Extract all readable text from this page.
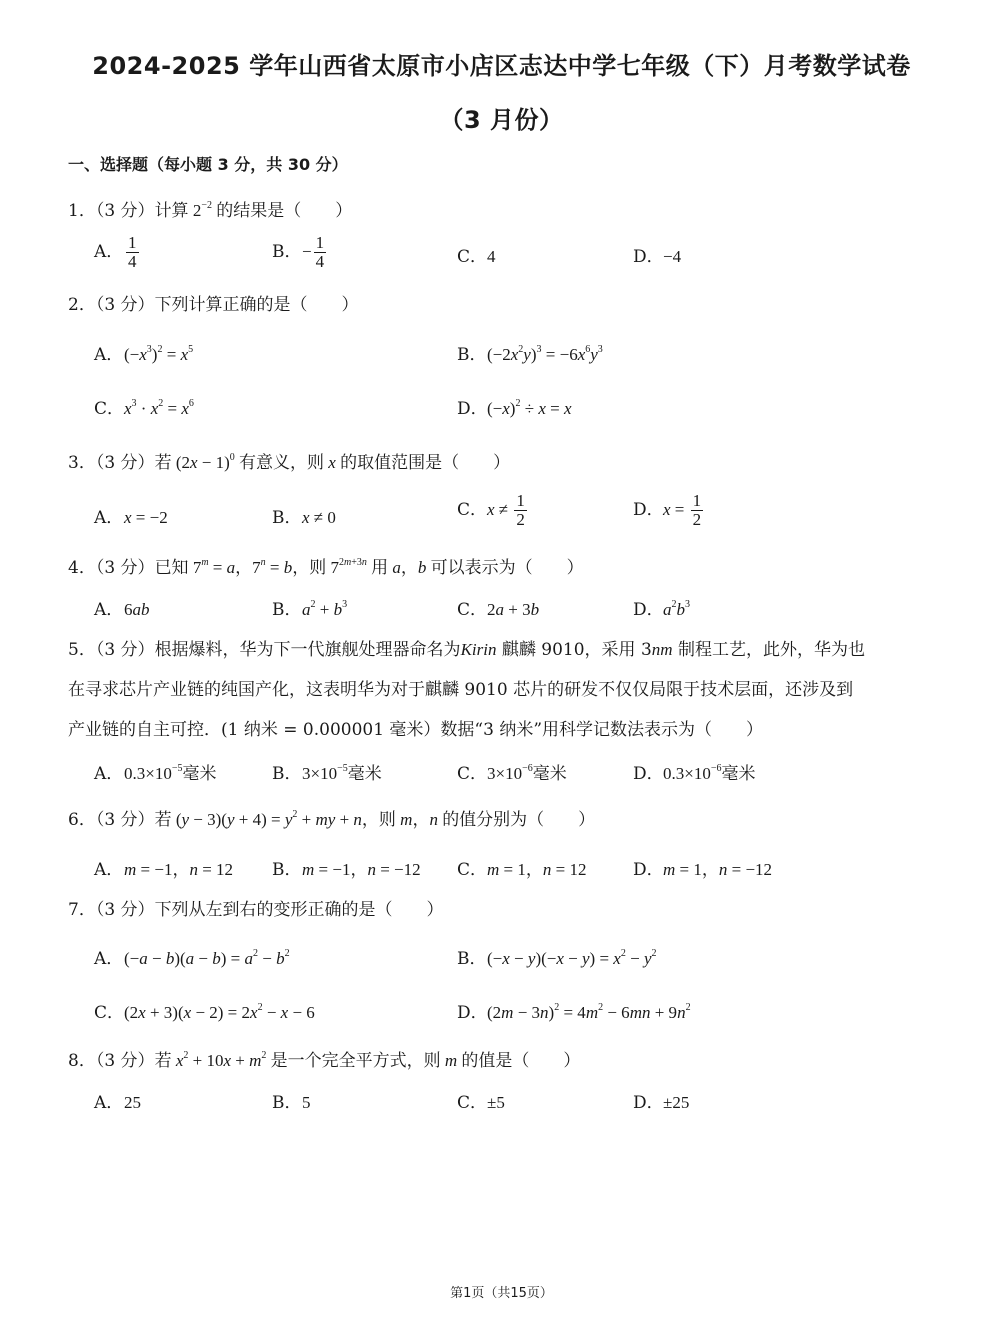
2024-2025 学年山西省太原市小店区志达中学七年级（下）月考数学试卷
（3 月份）
一、选择题（每小题 3 分，共 30 分）
1．（3 分）计算 $2^{-2}$ 的结果是（　　）
A． $\frac{1}{4}$	B．− $\frac{1}{4}$	C．4	D．−4
2．（3 分）下列计算正确的是（　　）
A．$(-x^3)^2 = x^5$	B．$(-2x^2y)^3 = -6x^6y^3$
C．$x^3 \cdot x^2 = x^6$	D．$(-x)^2 \div x = x$
3．（3 分）若 $(2x - 1)^0$ 有意义，则 x 的取值范围是（　　）
A．x = −2	B．x ≠ 0	C．$x \ne \frac{1}{2}$	D．$x = \frac{1}{2}$
4．（3 分）已知 $7^m = a$，$7^n = b$，则 $7^{2m+3n}$ 用 a，b 可以表示为（　　）
A．6ab	B．$a^2 + b^3$	C．2a + 3b	D．$a^2b^3$
5．（3 分）根据爆料，华为下一代旗舰处理器命名为Kirin 麒麟 9010，采用 3nm 制程工艺，此外，华为也
在寻求芯片产业链的纯国产化，这表明华为对于麒麟 9010 芯片的研发不仅仅局限于技术层面，还涉及到
产业链的自主可控．(1 纳米 = 0.000001 毫米）数据“3 纳米”用科学记数法表示为（　　）
A．$0.3\times 10^{-5}$毫米	B．$3\times 10^{-5}$毫米	C．$3\times 10^{-6}$毫米	D．$0.3\times 10^{-6}$毫米
6．（3 分）若 $(y - 3)(y + 4) = y^2$ + my + n，则 m，n 的值分别为（　　）
A．m = −1，n = 12 B．m = −1，n = −12 C．m = 1，n = 12	D．m = 1，n = −12
7．（3 分）下列从左到右的变形正确的是（　　）
A．$(-a - b)(a - b) = a^2 - b^2$	B．$(-x - y)(-x - y) = x^2 - y^2$
C．$(2x + 3)(x - 2) = 2x^2 - x - 6$	D．$(2m - 3n)^2 = 4m^2 - 6mn + 9n^2$
8．（3 分）若 $x^2 + 10x + m^2$ 是一个完全平方式，则 m 的值是（　　）
A．25	B．5	C．±5	D．±25
第1页（共15页）
